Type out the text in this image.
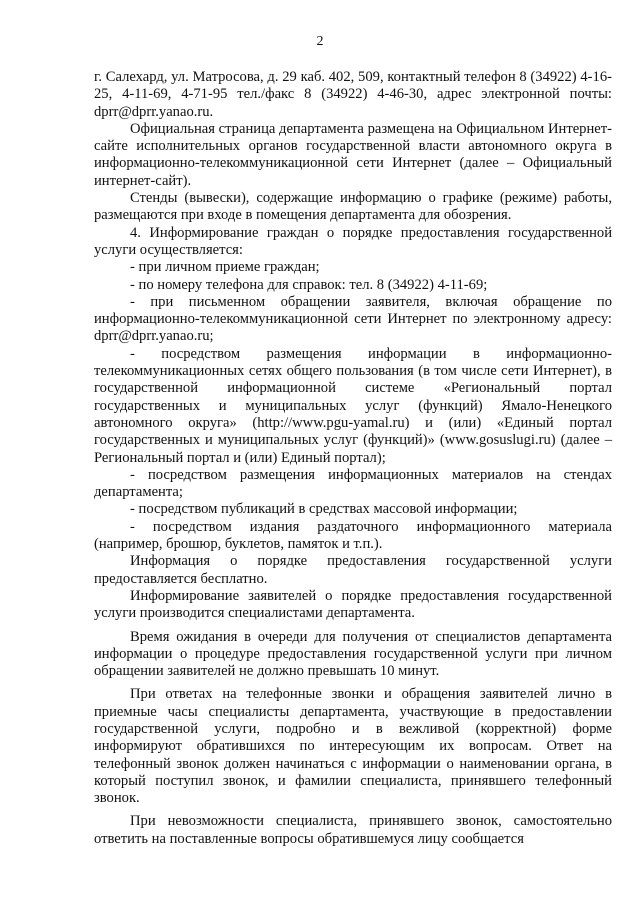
2

г. Салехард, ул. Матросова, д. 29 каб. 402, 509, контактный телефон 8 (34922) 4-16-25, 4-11-69, 4-71-95 тел./факс 8 (34922) 4-46-30, адрес электронной почты: dprr@dprr.yanao.ru.

Официальная страница департамента размещена на Официальном Интернет-сайте исполнительных органов государственной власти автономного округа в информационно-телекоммуникационной сети Интернет (далее – Официальный интернет-сайт).

Стенды (вывески), содержащие информацию о графике (режиме) работы, размещаются при входе в помещения департамента для обозрения.

4. Информирование граждан о порядке предоставления государственной услуги осуществляется:

- при личном приеме граждан;

- по номеру телефона для справок: тел. 8 (34922) 4-11-69;

- при письменном обращении заявителя, включая обращение по информационно-телекоммуникационной сети Интернет по электронному адресу: dprr@dprr.yanao.ru;

- посредством размещения информации в информационно-телекоммуникационных сетях общего пользования (в том числе сети Интернет), в государственной информационной системе «Региональный портал государственных и муниципальных услуг (функций) Ямало-Ненецкого автономного округа» (http://www.pgu-yamal.ru) и (или) «Единый портал государственных и муниципальных услуг (функций)» (www.gosuslugi.ru) (далее – Региональный портал и (или) Единый портал);

- посредством размещения информационных материалов на стендах департамента;

- посредством публикаций в средствах массовой информации;

- посредством издания раздаточного информационного материала (например, брошюр, буклетов, памяток и т.п.).

Информация о порядке предоставления государственной услуги предоставляется бесплатно.

Информирование заявителей о порядке предоставления государственной услуги производится специалистами департамента.

Время ожидания в очереди для получения от специалистов департамента информации о процедуре предоставления государственной услуги при личном обращении заявителей не должно превышать 10 минут.

При ответах на телефонные звонки и обращения заявителей лично в приемные часы специалисты департамента, участвующие в предоставлении государственной услуги, подробно и в вежливой (корректной) форме информируют обратившихся по интересующим их вопросам. Ответ на телефонный звонок должен начинаться с информации о наименовании органа, в который поступил звонок, и фамилии специалиста, принявшего телефонный звонок.

При невозможности специалиста, принявшего звонок, самостоятельно ответить на поставленные вопросы обратившемуся лицу сообщается
